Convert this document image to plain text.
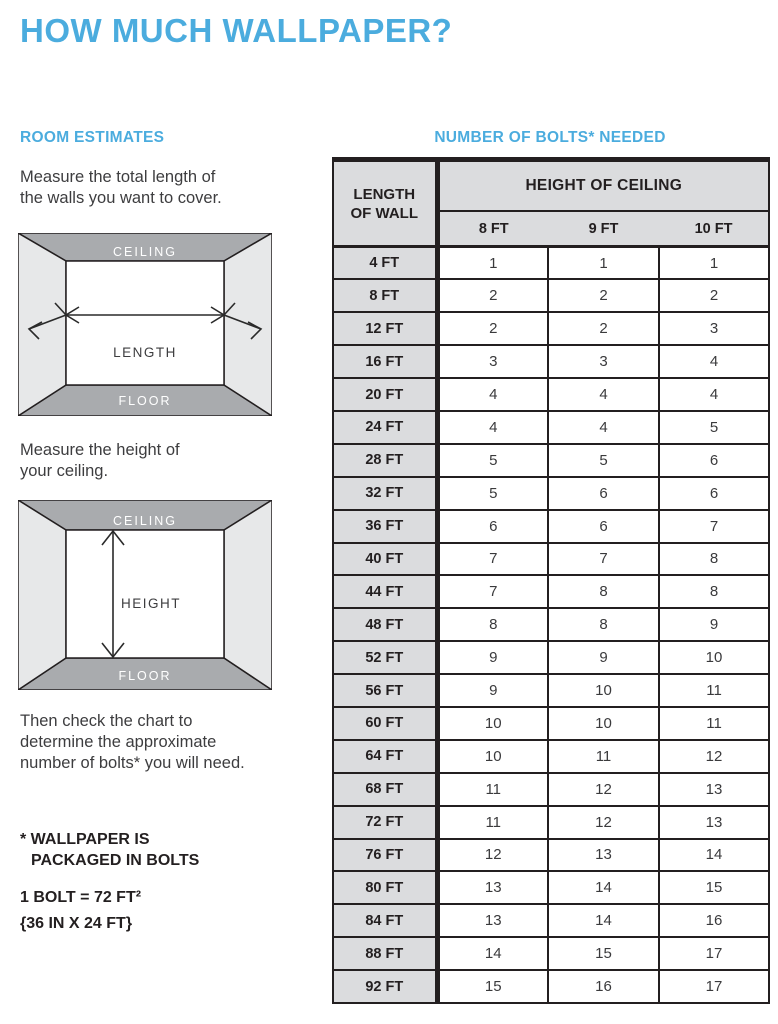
HOW MUCH WALLPAPER?
ROOM ESTIMATES	NUMBER OF BOLTS* NEEDED
Measure the total length of
the walls you want to cover.
CEILING
LENGTH
FLOOR
Measure the height of
your ceiling.
CEILING
HEIGHT
FLOOR
Then check the chart to
determine the approximate
number of bolts* you will need.
* WALLPAPER IS
PACKAGED IN BOLTS
1 BOLT = 72 FT²
{36 IN X 24 FT}
LENGTH
OF WALL	HEIGHT OF CEILING		
	8 FT	9 FT	10 FT
4 FT	1	1	1
8 FT	2	2	2
12 FT	2	2	3
16 FT	3	3	4
20 FT	4	4	4
24 FT	4	4	5
28 FT	5	5	6
32 FT	5	6	6
36 FT	6	6	7
40 FT	7	7	8
44 FT	7	8	8
48 FT	8	8	9
52 FT	9	9	10
56 FT	9	10	11
60 FT	10	10	11
64 FT	10	11	12
68 FT	11	12	13
72 FT	11	12	13
76 FT	12	13	14
80 FT	13	14	15
84 FT	13	14	16
88 FT	14	15	17
92 FT	15	16	17
